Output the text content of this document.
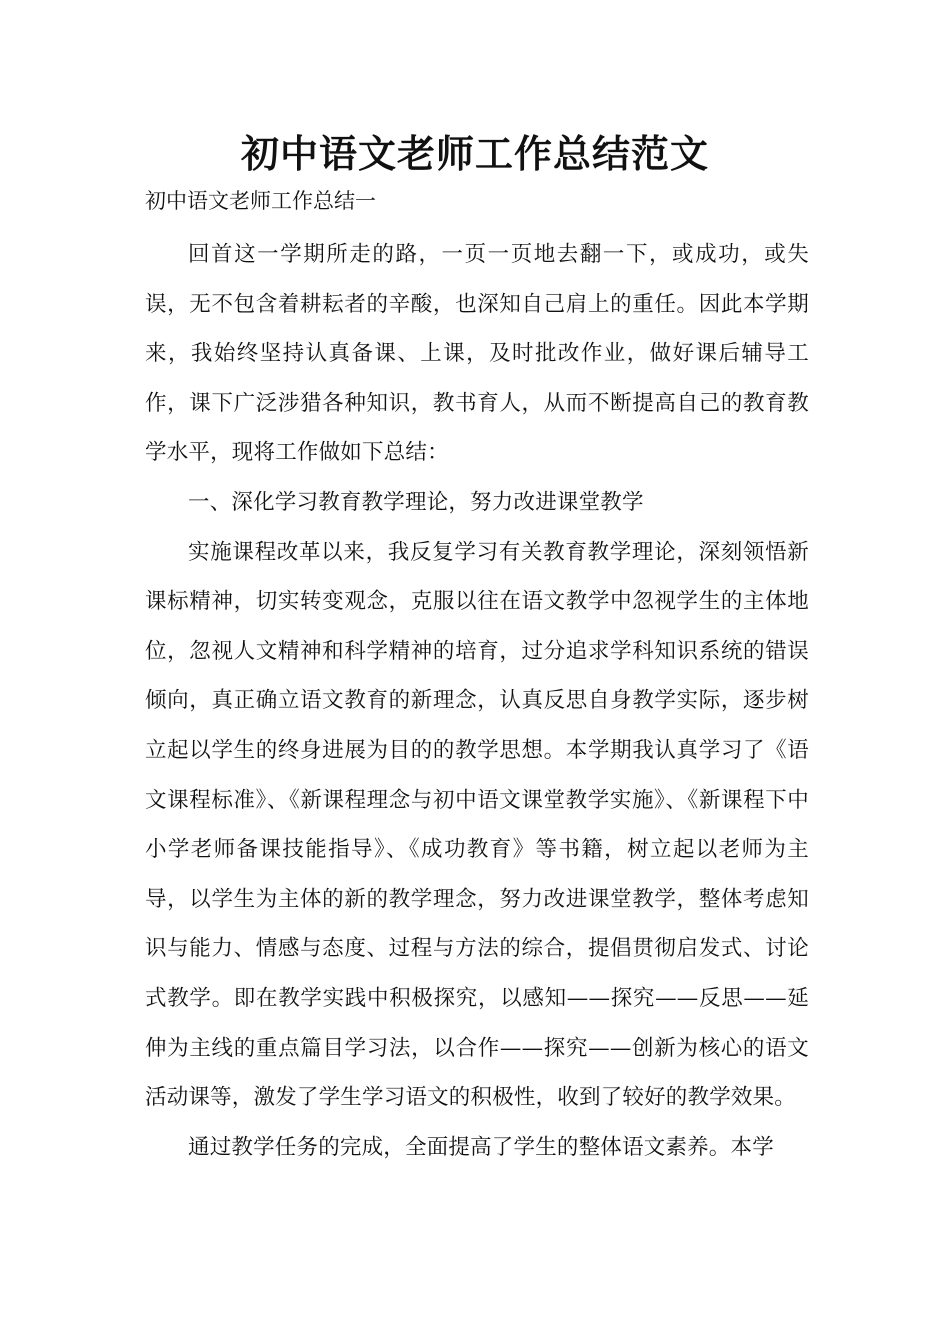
初中语文老师工作总结范文
初中语文老师工作总结一

回首这一学期所走的路，一页一页地去翻一下，或成功，或失误，无不包含着耕耘者的辛酸，也深知自己肩上的重任。因此本学期来，我始终坚持认真备课、上课，及时批改作业，做好课后辅导工作，课下广泛涉猎各种知识，教书育人，从而不断提高自己的教育教学水平，现将工作做如下总结：

一、深化学习教育教学理论，努力改进课堂教学

实施课程改革以来，我反复学习有关教育教学理论，深刻领悟新课标精神，切实转变观念，克服以往在语文教学中忽视学生的主体地位，忽视人文精神和科学精神的培育，过分追求学科知识系统的错误倾向，真正确立语文教育的新理念，认真反思自身教学实际，逐步树立起以学生的终身进展为目的的教学思想。本学期我认真学习了《语文课程标准》、《新课程理念与初中语文课堂教学实施》、《新课程下中小学老师备课技能指导》、《成功教育》等书籍，树立起以老师为主导，以学生为主体的新的教学理念，努力改进课堂教学，整体考虑知识与能力、情感与态度、过程与方法的综合，提倡贯彻启发式、讨论式教学。即在教学实践中积极探究，以感知——探究——反思——延伸为主线的重点篇目学习法，以合作——探究——创新为核心的语文活动课等，激发了学生学习语文的积极性，收到了较好的教学效果。

通过教学任务的完成，全面提高了学生的整体语文素养。本学
